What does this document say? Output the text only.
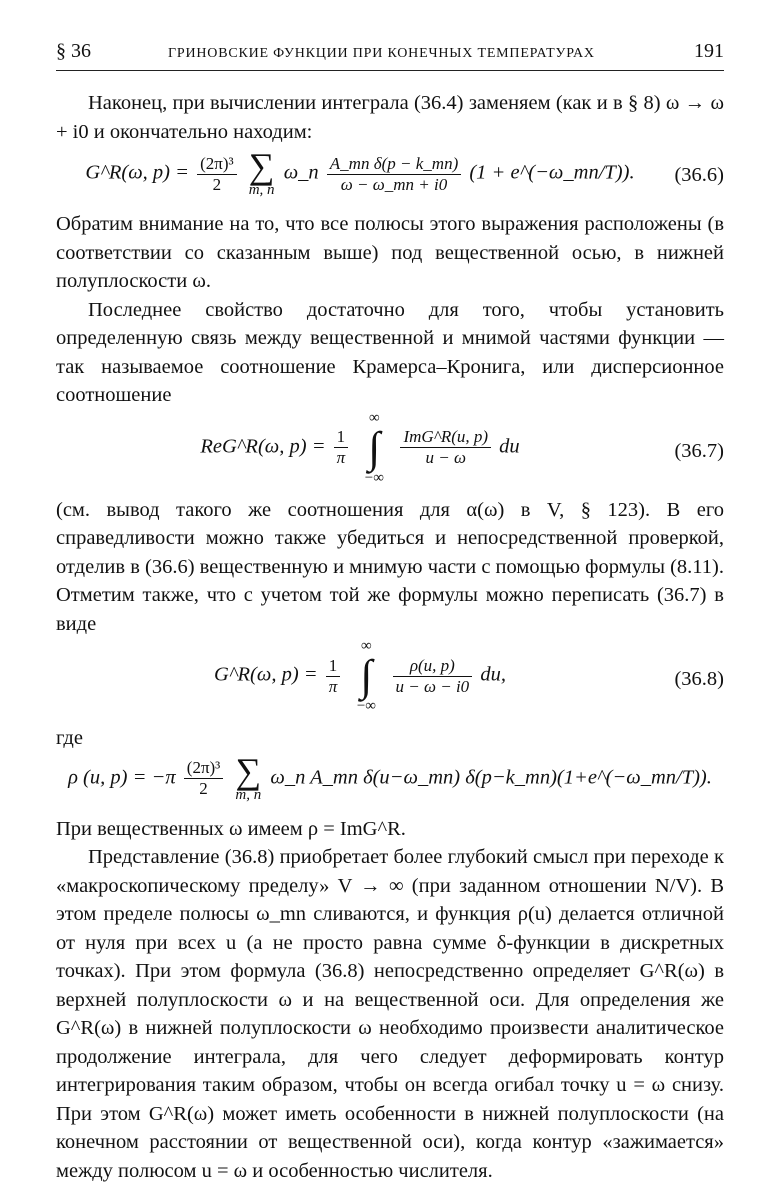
§ 36	ГРИНОВСКИЕ ФУНКЦИИ ПРИ КОНЕЧНЫХ ТЕМПЕРАТУРАХ	191

Наконец, при вычислении интеграла (36.4) заменяем (как и в § 8) ω → ω + i0 и окончательно находим:

G^R(ω, $p) = \frac{\text{(2π)³}}{2}$
∑
m, n
ω_n $\frac{\text{A\_mn δ(p − k\_mn)}}{\omega - \omega\_mn + i0} (1$ + e^(−ω_mn/T)).	(36.6)

Обратим внимание на то, что все полюсы этого выражения расположены (в соответствии со сказанным выше) под вещественной осью, в нижней полуплоскости ω.

Последнее свойство достаточно для того, чтобы установить определенную связь между вещественной и мнимой частями функции — так называемое соотношение Крамерса–Кронига, или дисперсионное соотношение

ReG^R(ω, $p) = \frac{1}{\pi}$

∞
∫
−∞

$\frac{\text{ImG\textasciicircum{}R(u, p)}}{u - \omega}$ du	(36.7)

(см. вывод такого же соотношения для α(ω) в V, § 123). В его справедливости можно также убедиться и непосредственной проверкой, отделив в (36.6) вещественную и мнимую части с помощью формулы (8.11). Отметим также, что с учетом той же формулы можно переписать (36.7) в виде

G^R(ω, $p) = \frac{1}{\pi}$

∞
∫
−∞

$\frac{\rho(u, p)}{u - \omega - i0}$ du,	(36.8)

где

ρ (u, $p) = -\pi \frac{\text{(2π)³}}{2}$
∑
m, n
ω_n A_mn δ(u−ω_mn) δ(p−k_mn)(1+e^(−ω_mn/T)).

При вещественных ω имеем ρ = ImG^R.

Представление (36.8) приобретает более глубокий смысл при переходе к «макроскопическому пределу» V → ∞ (при заданном отношении N/V). В этом пределе полюсы ω_mn сливаются, и функция ρ(u) делается отличной от нуля при всех u (а не просто равна сумме δ-функции в дискретных точках). При этом формула (36.8) непосредственно определяет G^R(ω) в верхней полуплоскости ω и на вещественной оси. Для определения же G^R(ω) в нижней полуплоскости ω необходимо произвести аналитическое продолжение интеграла, для чего следует деформировать контур интегрирования таким образом, чтобы он всегда огибал точку u = ω снизу. При этом G^R(ω) может иметь особенности в нижней полуплоскости (на конечном расстоянии от вещественной оси), когда контур «зажимается» между полюсом u = ω и особенностью числителя.
